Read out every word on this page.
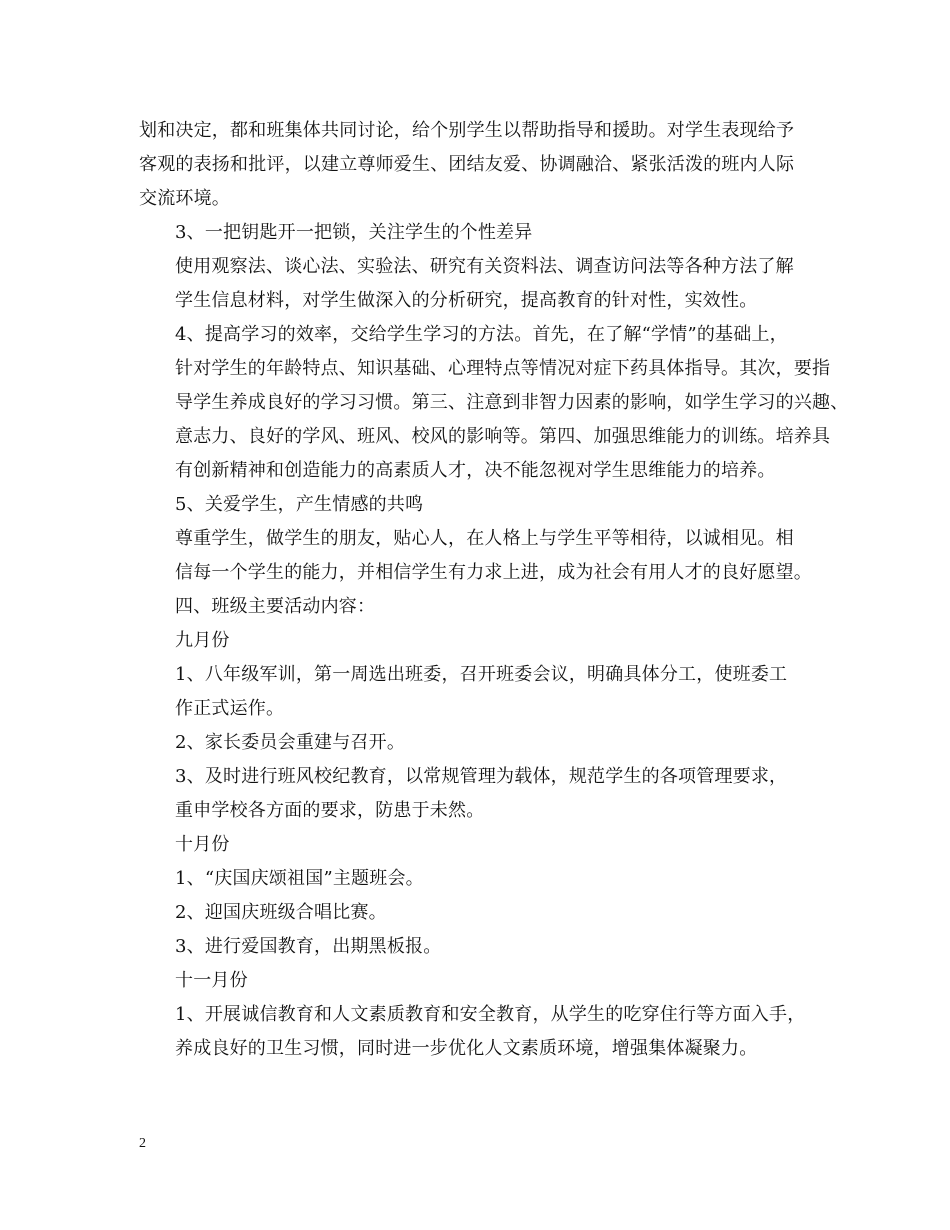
划和决定，都和班集体共同讨论，给个别学生以帮助指导和援助。对学生表现给予
客观的表扬和批评，以建立尊师爱生、团结友爱、协调融洽、紧张活泼的班内人际
交流环境。
3、一把钥匙开一把锁，关注学生的个性差异
使用观察法、谈心法、实验法、研究有关资料法、调查访问法等各种方法了解
学生信息材料，对学生做深入的分析研究，提高教育的针对性，实效性。
4、提高学习的效率，交给学生学习的方法。首先，在了解“学情”的基础上，
针对学生的年龄特点、知识基础、心理特点等情况对症下药具体指导。其次，要指
导学生养成良好的学习习惯。第三、注意到非智力因素的影响，如学生学习的兴趣、
意志力、良好的学风、班风、校风的影响等。第四、加强思维能力的训练。培养具
有创新精神和创造能力的高素质人才，决不能忽视对学生思维能力的培养。
5、关爱学生，产生情感的共鸣
尊重学生，做学生的朋友，贴心人，在人格上与学生平等相待，以诚相见。相
信每一个学生的能力，并相信学生有力求上进，成为社会有用人才的良好愿望。
四、班级主要活动内容：
九月份
1、八年级军训，第一周选出班委，召开班委会议，明确具体分工，使班委工
作正式运作。
2、家长委员会重建与召开。
3、及时进行班风校纪教育，以常规管理为载体，规范学生的各项管理要求，
重申学校各方面的要求，防患于未然。
十月份
1、“庆国庆颂祖国”主题班会。
2、迎国庆班级合唱比赛。
3、进行爱国教育，出期黑板报。
十一月份
1、开展诚信教育和人文素质教育和安全教育，从学生的吃穿住行等方面入手，
养成良好的卫生习惯，同时进一步优化人文素质环境，增强集体凝聚力。
2
